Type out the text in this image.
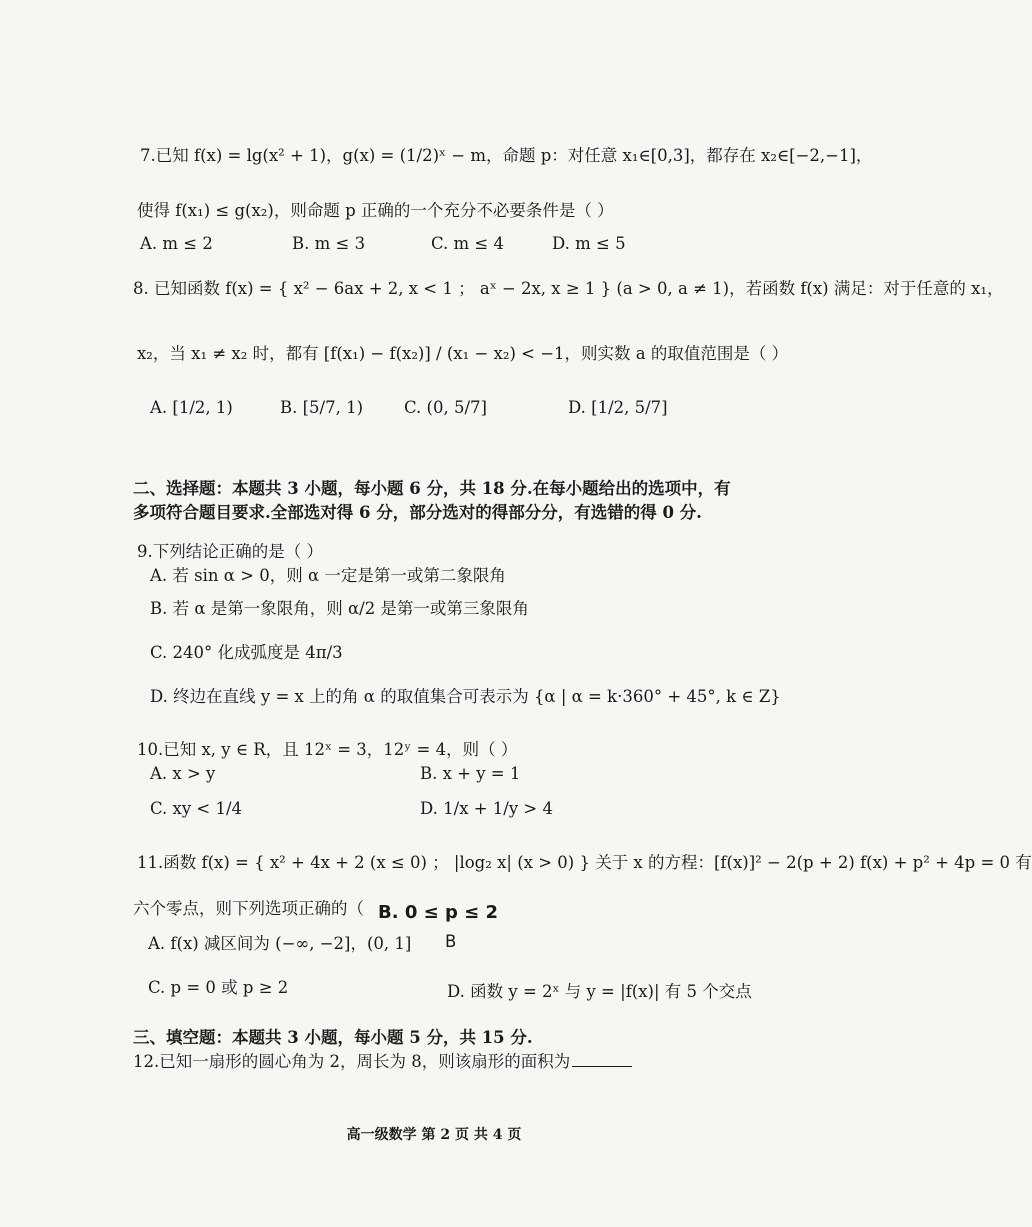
7.已知 f(x) = lg(x² + 1)，g(x) = (1/2)ˣ − m，命题 p：对任意 x₁∈[0,3]，都存在 x₂∈[−2,−1]，
使得 f(x₁) ≤ g(x₂)，则命题 p 正确的一个充分不必要条件是（ ）
A. m ≤ 2	B. m ≤ 3	C. m ≤ 4	D. m ≤ 5
8. 已知函数 f(x) = { x² − 6ax + 2, x < 1 ； aˣ − 2x, x ≥ 1 } (a > 0, a ≠ 1)，若函数 f(x) 满足：对于任意的 x₁，
x₂，当 x₁ ≠ x₂ 时，都有 [f(x₁) − f(x₂)] / (x₁ − x₂) < −1，则实数 a 的取值范围是（ ）
A. [1/2, 1)	B. [5/7, 1) C. (0, 5/7]	D. [1/2, 5/7]
二、选择题：本题共 3 小题，每小题 6 分，共 18 分.在每小题给出的选项中，有
多项符合题目要求.全部选对得 6 分，部分选对的得部分分，有选错的得 0 分.
9.下列结论正确的是（ ）
A. 若 sin α > 0，则 α 一定是第一或第二象限角
B. 若 α 是第一象限角，则 α/2 是第一或第三象限角
C. 240° 化成弧度是 4π/3
D. 终边在直线 y = x 上的角 α 的取值集合可表示为 {α | α = k·360° + 45°, k ∈ Z}
10.已知 x, y ∈ R，且 12ˣ = 3，12ʸ = 4，则（ ）
A. x > y	B. x + y = 1
C. xy < 1/4	D. 1/x + 1/y > 4
11.函数 f(x) = { x² + 4x + 2 (x ≤ 0) ； |log₂ x| (x > 0) } 关于 x 的方程：[f(x)]² − 2(p + 2) f(x) + p² + 4p = 0 有
六个零点，则下列选项正确的（ B. 0 ≤ p ≤ 2
A. f(x) 减区间为 (−∞, −2]，(0, 1] B
C. p = 0 或 p ≥ 2	D. 函数 y = 2ˣ 与 y = |f(x)| 有 5 个交点
三、填空题：本题共 3 小题，每小题 5 分，共 15 分.
12.已知一扇形的圆心角为 2，周长为 8，则该扇形的面积为
高一级数学 第 2 页 共 4 页
